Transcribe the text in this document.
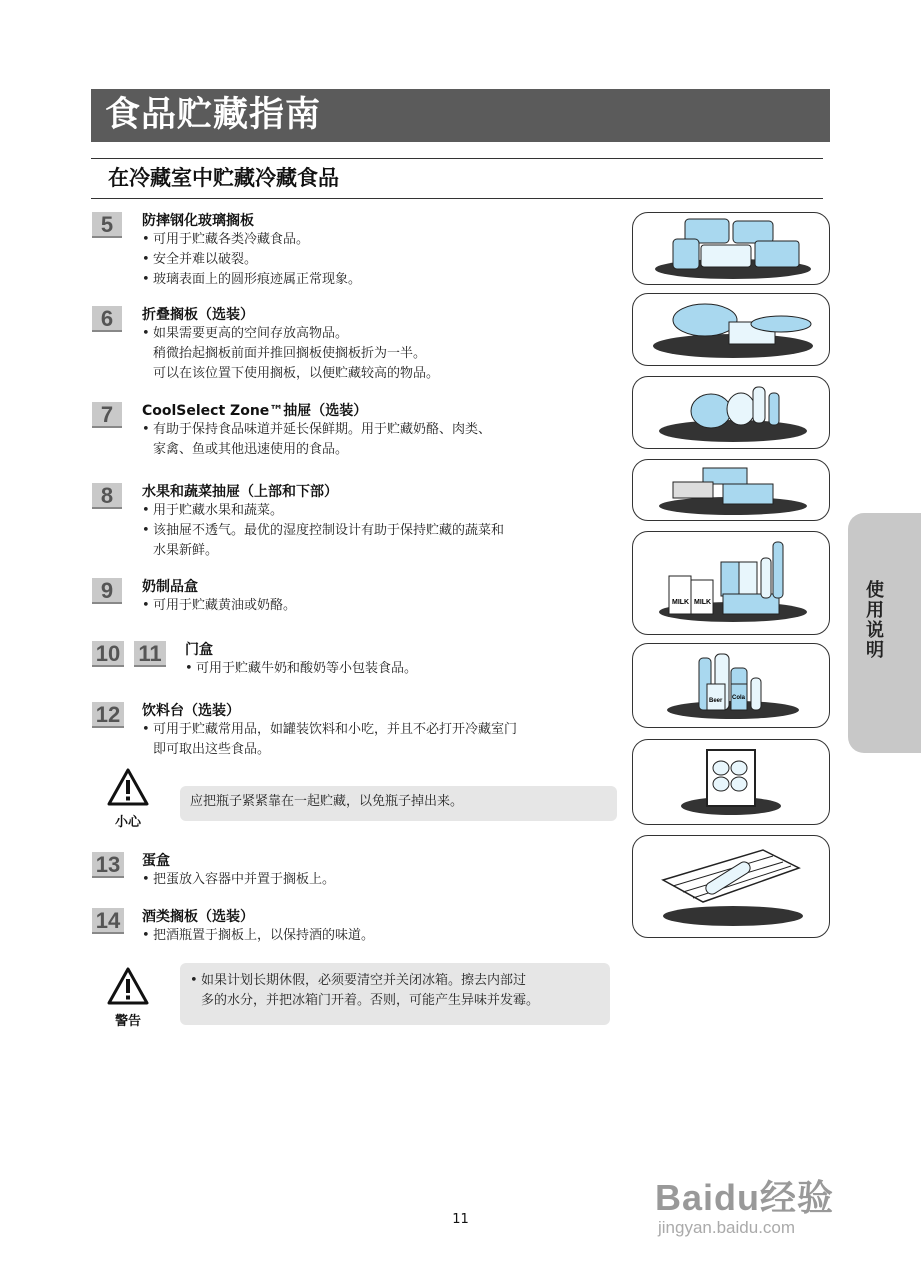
食品贮藏指南
在冷藏室中贮藏冷藏食品
5	防摔钢化玻璃搁板
• 可用于贮藏各类冷藏食品。
• 安全并难以破裂。
• 玻璃表面上的圆形痕迹属正常现象。
6	折叠搁板（选装）
• 如果需要更高的空间存放高物品。
稍微抬起搁板前面并推回搁板使搁板折为一半。
可以在该位置下使用搁板，以便贮藏较高的物品。
7	CoolSelect Zone™抽屉（选装）
• 有助于保持食品味道并延长保鲜期。用于贮藏奶酪、肉类、
家禽、鱼或其他迅速使用的食品。
8	水果和蔬菜抽屉（上部和下部）
• 用于贮藏水果和蔬菜。
• 该抽屉不透气。最优的湿度控制设计有助于保持贮藏的蔬菜和
水果新鲜。
9	奶制品盒
• 可用于贮藏黄油或奶酪。
10 11	门盒
• 可用于贮藏牛奶和酸奶等小包装食品。
12 饮料台（选装）
• 可用于贮藏常用品，如罐装饮料和小吃，并且不必打开冷藏室门
即可取出这些食品。
小心
应把瓶子紧紧靠在一起贮藏，以免瓶子掉出来。
13 蛋盒
• 把蛋放入容器中并置于搁板上。
14 酒类搁板（选装）
• 把酒瓶置于搁板上，以保持酒的味道。
警告
• 如果计划长期休假，必须要清空并关闭冰箱。擦去内部过
多的水分，并把冰箱门开着。否则，可能产生异味并发霉。
MILK MILK
Beer Cola
使用说明
11
Baidu经验
jingyan.baidu.com
